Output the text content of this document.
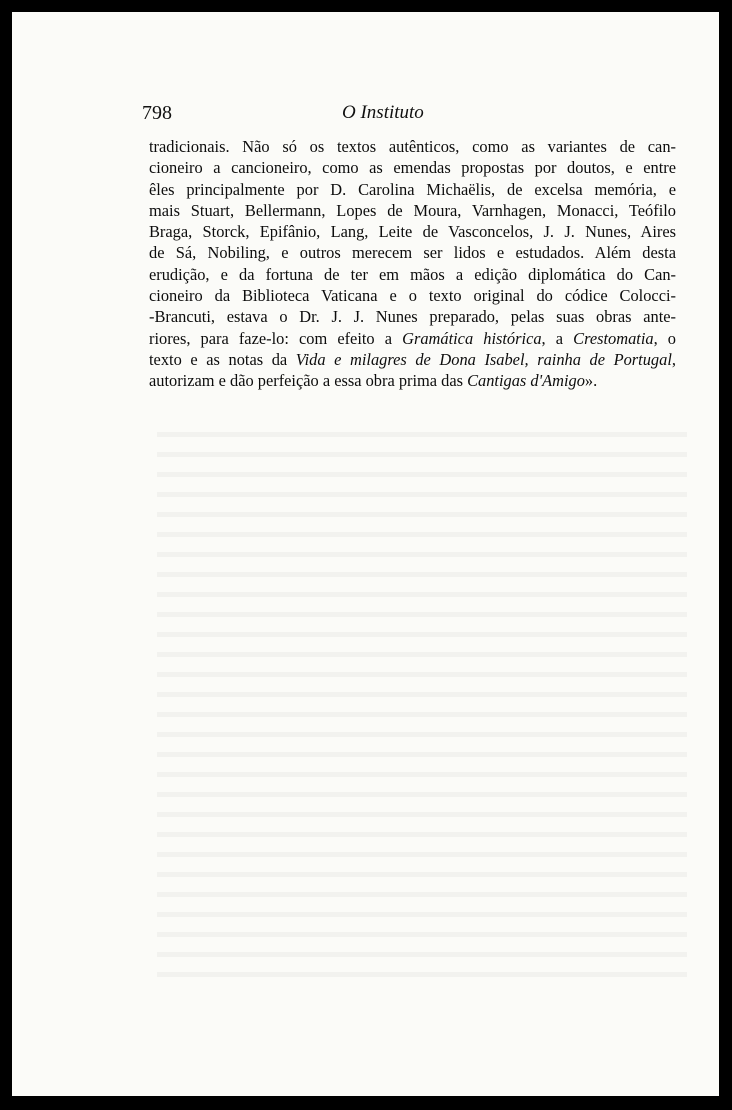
798	O Instituto

tradicionais. Não só os textos autênticos, como as variantes de can-
cioneiro a cancioneiro, como as emendas propostas por doutos, e entre
êles principalmente por D. Carolina Michaëlis, de excelsa memória, e
mais Stuart, Bellermann, Lopes de Moura, Varnhagen, Monacci, Teófilo
Braga, Storck, Epifânio, Lang, Leite de Vasconcelos, J. J. Nunes, Aires
de Sá, Nobiling, e outros merecem ser lidos e estudados. Além desta
erudição, e da fortuna de ter em mãos a edição diplomática do Can-
cioneiro da Biblioteca Vaticana e o texto original do códice Colocci-
-Brancuti, estava o Dr. J. J. Nunes preparado, pelas suas obras ante-
riores, para faze-lo: com efeito a Gramática histórica, a Crestomatia, o
texto e as notas da Vida e milagres de Dona Isabel, rainha de Portugal,
autorizam e dão perfeição a essa obra prima das Cantigas d'Amigo».
